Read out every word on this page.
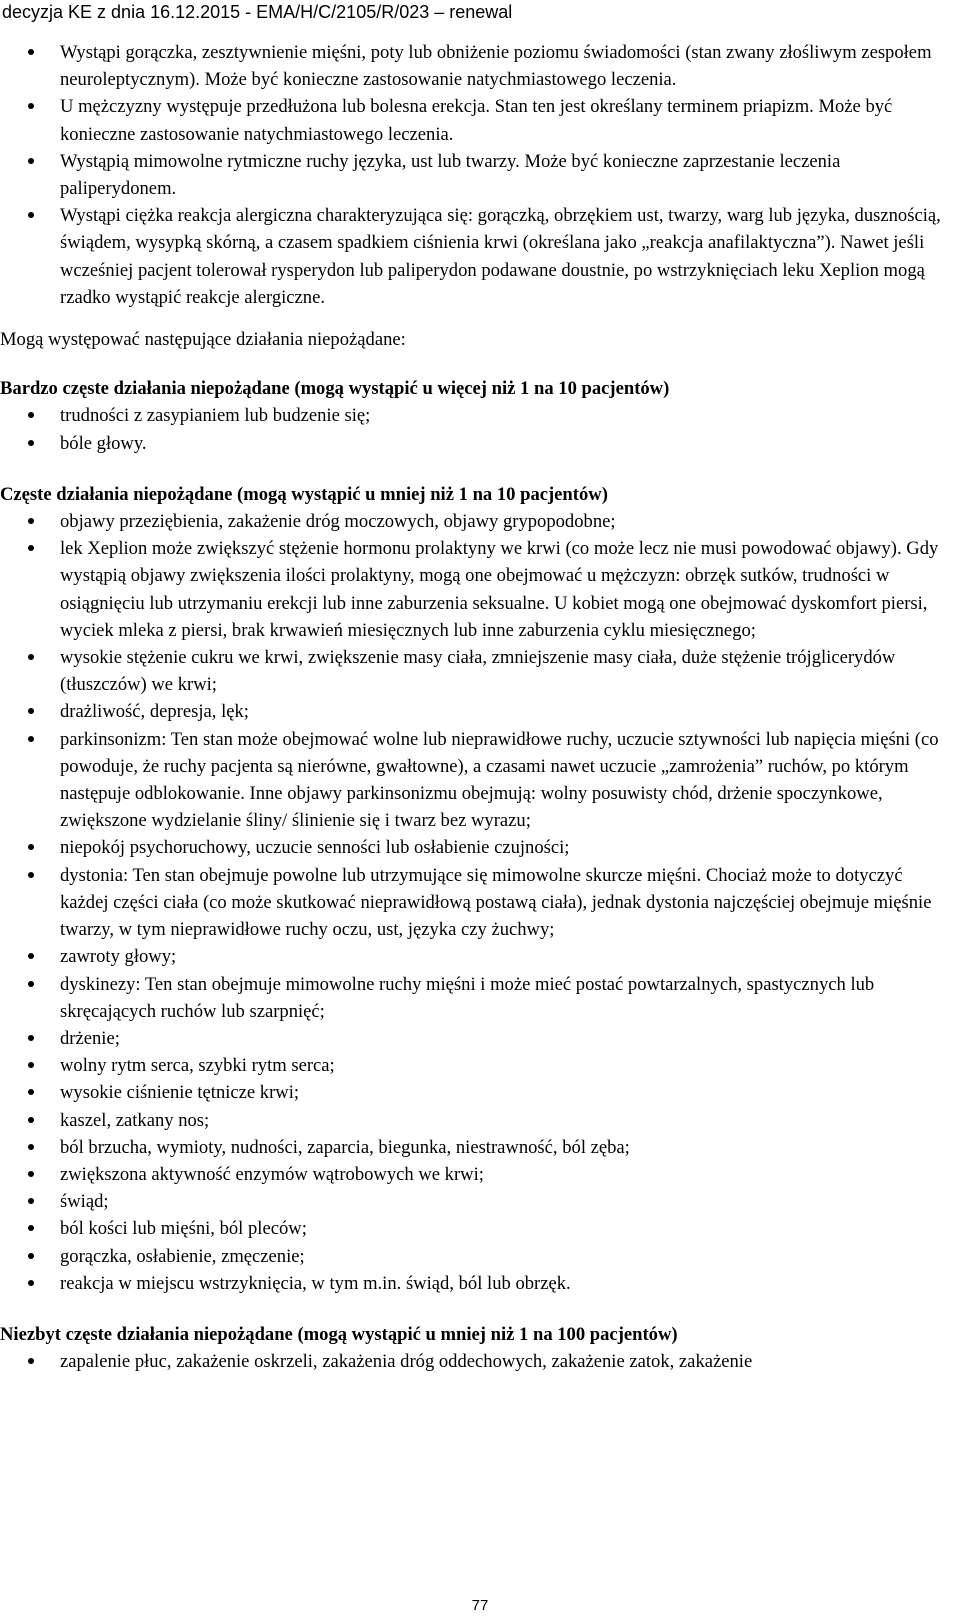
decyzja KE z dnia 16.12.2015 - EMA/H/C/2105/R/023 – renewal
Wystąpi gorączka, zesztywnienie mięśni, poty lub obniżenie poziomu świadomości (stan zwany złośliwym zespołem neuroleptycznym). Może być konieczne zastosowanie natychmiastowego leczenia.
U mężczyzny występuje przedłużona lub bolesna erekcja. Stan ten jest określany terminem priapizm. Może być konieczne zastosowanie natychmiastowego leczenia.
Wystąpią mimowolne rytmiczne ruchy języka, ust lub twarzy. Może być konieczne zaprzestanie leczenia paliperydonem.
Wystąpi ciężka reakcja alergiczna charakteryzująca się: gorączką, obrzękiem ust, twarzy, warg lub języka, dusznością, świądem, wysypką skórną, a czasem spadkiem ciśnienia krwi (określana jako „reakcja anafilaktyczna”). Nawet jeśli wcześniej pacjent tolerował rysperydon lub paliperydon podawane doustnie, po wstrzyknięciach leku Xeplion mogą rzadko wystąpić reakcje alergiczne.

Mogą występować następujące działania niepożądane:

Bardzo częste działania niepożądane (mogą wystąpić u więcej niż 1 na 10 pacjentów)

trudności z zasypianiem lub budzenie się;
bóle głowy.

Częste działania niepożądane (mogą wystąpić u mniej niż 1 na 10 pacjentów)

objawy przeziębienia, zakażenie dróg moczowych, objawy grypopodobne;
lek Xeplion może zwiększyć stężenie hormonu prolaktyny we krwi (co może lecz nie musi powodować objawy). Gdy wystąpią objawy zwiększenia ilości prolaktyny, mogą one obejmować u mężczyzn: obrzęk sutków, trudności w osiągnięciu lub utrzymaniu erekcji lub inne zaburzenia seksualne. U kobiet mogą one obejmować dyskomfort piersi, wyciek mleka z piersi, brak krwawień miesięcznych lub inne zaburzenia cyklu miesięcznego;
wysokie stężenie cukru we krwi, zwiększenie masy ciała, zmniejszenie masy ciała, duże stężenie trójglicerydów (tłuszczów) we krwi;
drażliwość, depresja, lęk;
parkinsonizm: Ten stan może obejmować wolne lub nieprawidłowe ruchy, uczucie sztywności lub napięcia mięśni (co powoduje, że ruchy pacjenta są nierówne, gwałtowne), a czasami nawet uczucie „zamrożenia” ruchów, po którym następuje odblokowanie. Inne objawy parkinsonizmu obejmują: wolny posuwisty chód, drżenie spoczynkowe, zwiększone wydzielanie śliny/ ślinienie się i twarz bez wyrazu;
niepokój psychoruchowy, uczucie senności lub osłabienie czujności;
dystonia: Ten stan obejmuje powolne lub utrzymujące się mimowolne skurcze mięśni. Chociaż może to dotyczyć każdej części ciała (co może skutkować nieprawidłową postawą ciała), jednak dystonia najczęściej obejmuje mięśnie twarzy, w tym nieprawidłowe ruchy oczu, ust, języka czy żuchwy;
zawroty głowy;
dyskinezy: Ten stan obejmuje mimowolne ruchy mięśni i może mieć postać powtarzalnych, spastycznych lub skręcających ruchów lub szarpnięć;
drżenie;
wolny rytm serca, szybki rytm serca;
wysokie ciśnienie tętnicze krwi;
kaszel, zatkany nos;
ból brzucha, wymioty, nudności, zaparcia, biegunka, niestrawność, ból zęba;
zwiększona aktywność enzymów wątrobowych we krwi;
świąd;
ból kości lub mięśni, ból pleców;
gorączka, osłabienie, zmęczenie;
reakcja w miejscu wstrzyknięcia, w tym m.in. świąd, ból lub obrzęk.

Niezbyt częste działania niepożądane (mogą wystąpić u mniej niż 1 na 100 pacjentów)

zapalenie płuc, zakażenie oskrzeli, zakażenia dróg oddechowych, zakażenie zatok, zakażenie
77
